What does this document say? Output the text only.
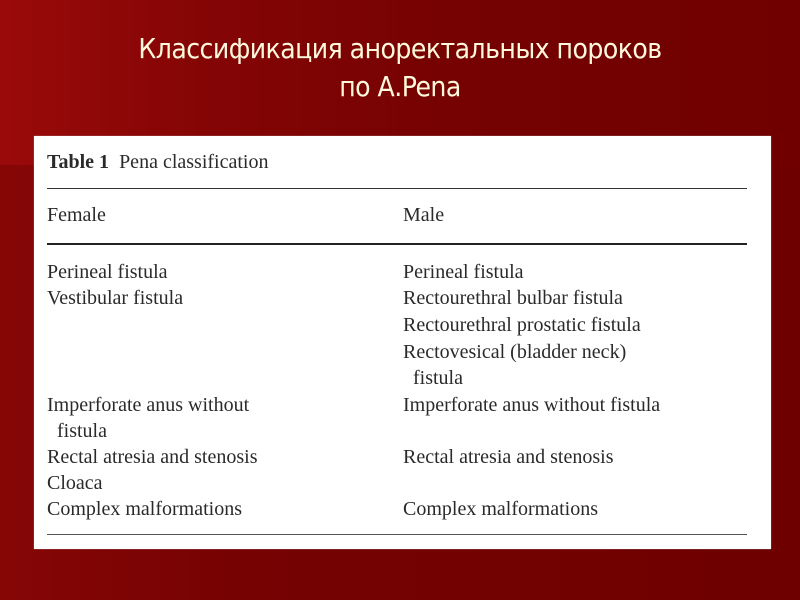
Классификация аноректальных пороков
по А.Pena
Table 1 Pena classification
Female	Male
Perineal fistula
Vestibular fistula
Imperforate anus without
fistula
Rectal atresia and stenosis
Cloaca
Complex malformations
Perineal fistula
Rectourethral bulbar fistula
Rectourethral prostatic fistula
Rectovesical (bladder neck)
fistula
Imperforate anus without fistula
Rectal atresia and stenosis
Complex malformations
